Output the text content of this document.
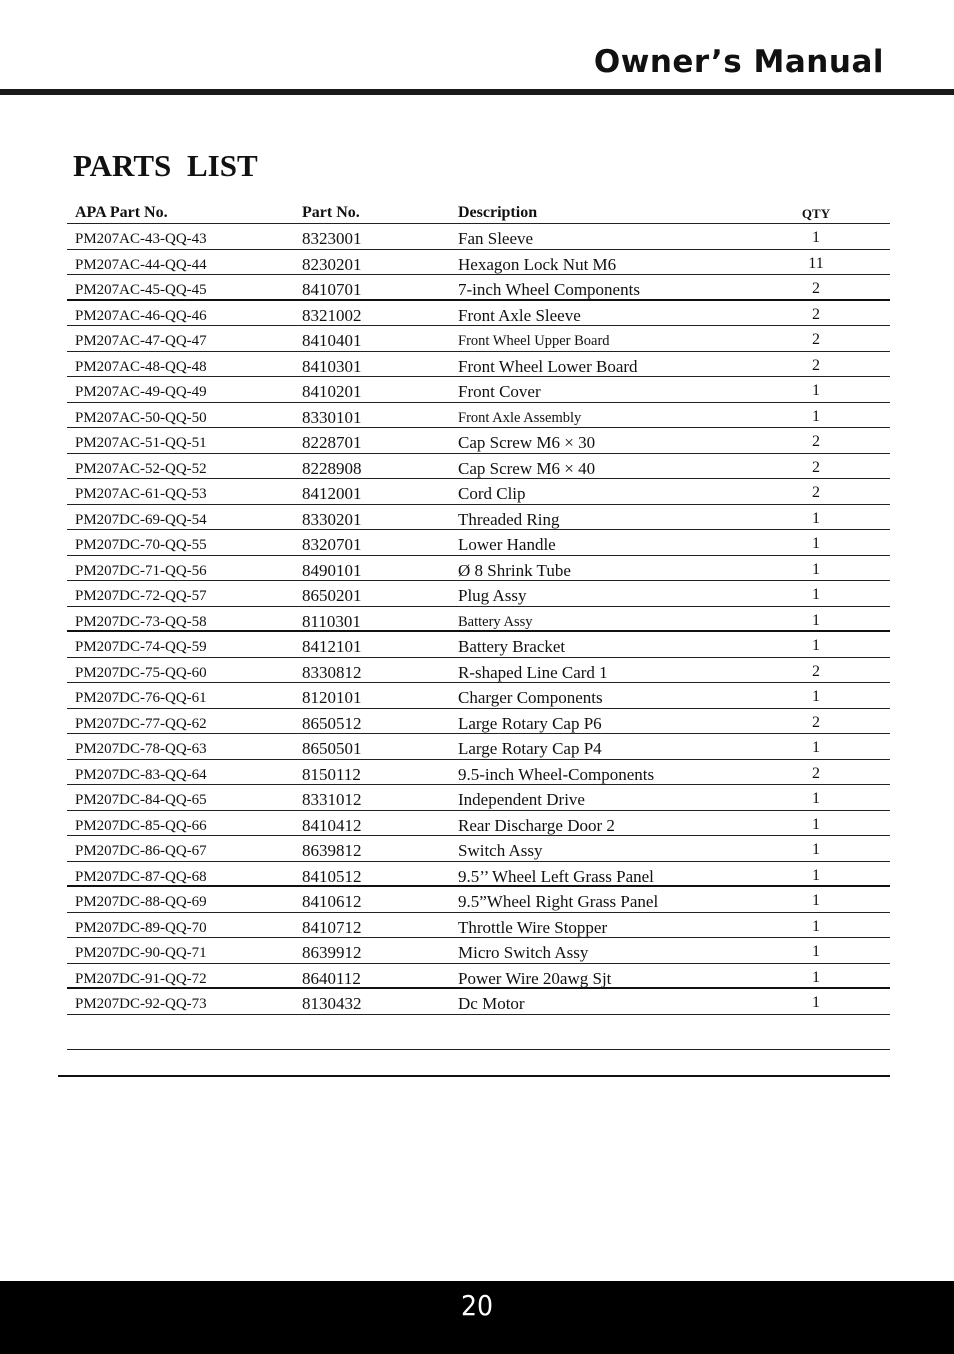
Owner’s Manual
PARTS LIST
APA Part No.	Part No.	Description	QTY
PM207AC-43-QQ-43	8323001	Fan Sleeve	1
PM207AC-44-QQ-44	8230201	Hexagon Lock Nut M6	11
PM207AC-45-QQ-45	8410701	7-inch Wheel Components	2
PM207AC-46-QQ-46	8321002	Front Axle Sleeve	2
PM207AC-47-QQ-47	8410401	Front Wheel Upper Board	2
PM207AC-48-QQ-48	8410301	Front Wheel Lower Board	2
PM207AC-49-QQ-49	8410201	Front Cover	1
PM207AC-50-QQ-50	8330101	Front Axle Assembly	1
PM207AC-51-QQ-51	8228701	Cap Screw M6 × 30	2
PM207AC-52-QQ-52	8228908	Cap Screw M6 × 40	2
PM207AC-61-QQ-53	8412001	Cord Clip	2
PM207DC-69-QQ-54	8330201	Threaded Ring	1
PM207DC-70-QQ-55	8320701	Lower Handle	1
PM207DC-71-QQ-56	8490101	Ø 8 Shrink Tube	1
PM207DC-72-QQ-57	8650201	Plug Assy	1
PM207DC-73-QQ-58	8110301	Battery Assy	1
PM207DC-74-QQ-59	8412101	Battery Bracket	1
PM207DC-75-QQ-60	8330812	R-shaped Line Card 1	2
PM207DC-76-QQ-61	8120101	Charger Components	1
PM207DC-77-QQ-62	8650512	Large Rotary Cap P6	2
PM207DC-78-QQ-63	8650501	Large Rotary Cap P4	1
PM207DC-83-QQ-64	8150112	9.5-inch Wheel-Components	2
PM207DC-84-QQ-65	8331012	Independent Drive	1
PM207DC-85-QQ-66	8410412	Rear Discharge Door 2	1
PM207DC-86-QQ-67	8639812	Switch Assy	1
PM207DC-87-QQ-68	8410512	9.5’’ Wheel Left Grass Panel	1
PM207DC-88-QQ-69	8410612	9.5”Wheel Right Grass Panel	1
PM207DC-89-QQ-70	8410712	Throttle Wire Stopper	1
PM207DC-90-QQ-71	8639912	Micro Switch Assy	1
PM207DC-91-QQ-72	8640112	Power Wire 20awg Sjt	1
PM207DC-92-QQ-73	8130432	Dc Motor	1
20
